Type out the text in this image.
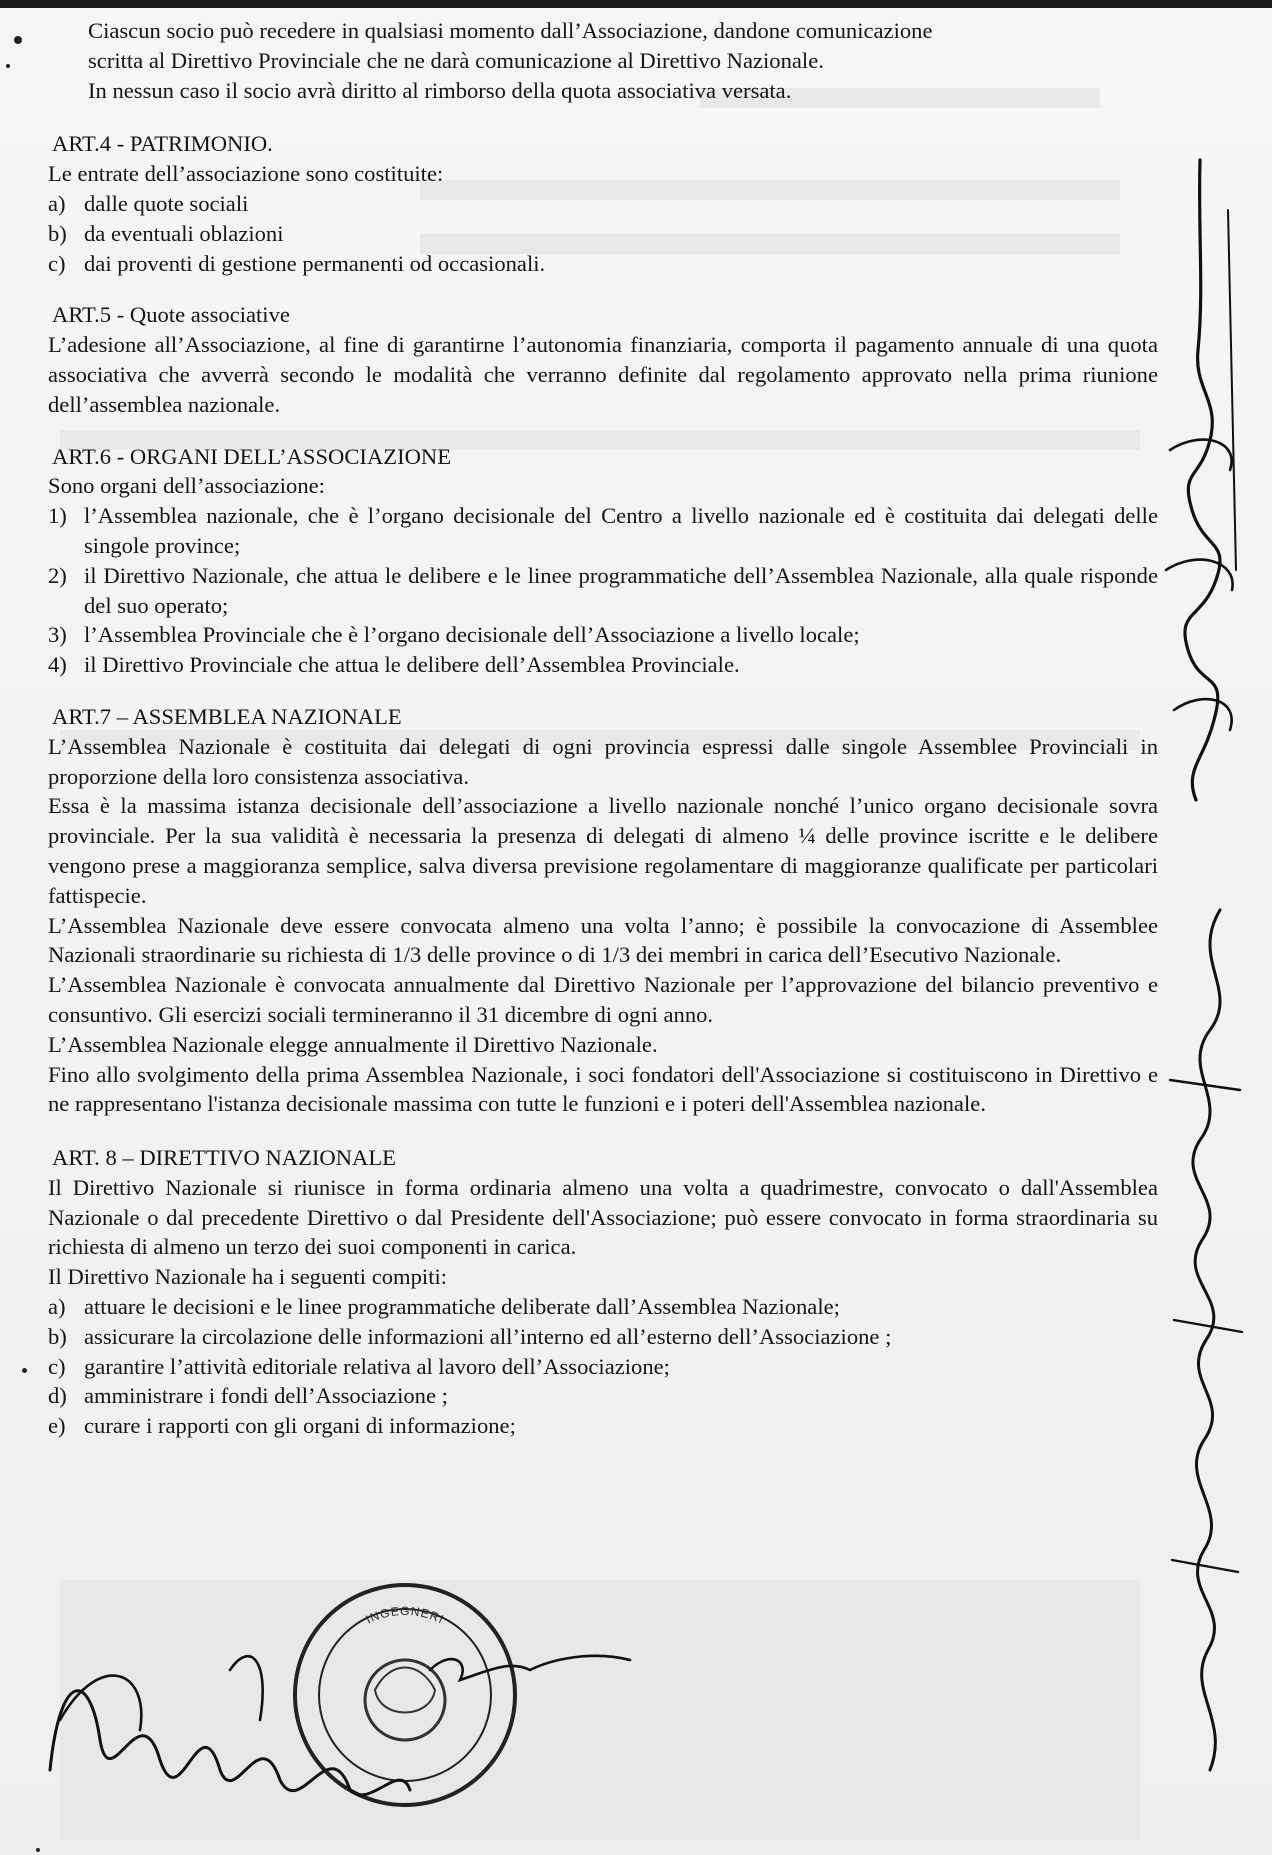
Ciascun socio può recedere in qualsiasi momento dall’Associazione, dandone comunicazione

scritta al Direttivo Provinciale che ne darà comunicazione al Direttivo Nazionale.

In nessun caso il socio avrà diritto al rimborso della quota associativa versata.

ART.4 - PATRIMONIO.

Le entrate dell’associazione sono costituite:

a) dalle quote sociali
b) da eventuali oblazioni
c) dai proventi di gestione permanenti od occasionali.

ART.5 - Quote associative

L’adesione all’Associazione, al fine di garantirne l’autonomia finanziaria, comporta il pagamento annuale di una quota associativa che avverrà secondo le modalità che verranno definite dal regolamento approvato nella prima riunione dell’assemblea nazionale.

ART.6 - ORGANI DELL’ASSOCIAZIONE

Sono organi dell’associazione:

1) l’Assemblea nazionale, che è l’organo decisionale del Centro a livello nazionale ed è costituita dai delegati delle singole province;
2) il Direttivo Nazionale, che attua le delibere e le linee programmatiche dell’Assemblea Nazionale, alla quale risponde del suo operato;
3) l’Assemblea Provinciale che è l’organo decisionale dell’Associazione a livello locale;
4) il Direttivo Provinciale che attua le delibere dell’Assemblea Provinciale.

ART.7 – ASSEMBLEA NAZIONALE

L’Assemblea Nazionale è costituita dai delegati di ogni provincia espressi dalle singole Assemblee Provinciali in proporzione della loro consistenza associativa.

Essa è la massima istanza decisionale dell’associazione a livello nazionale nonché l’unico organo decisionale sovra provinciale. Per la sua validità è necessaria la presenza di delegati di almeno ¼ delle province iscritte e le delibere vengono prese a maggioranza semplice, salva diversa previsione regolamentare di maggioranze qualificate per particolari fattispecie.

L’Assemblea Nazionale deve essere convocata almeno una volta l’anno; è possibile la convocazione di Assemblee Nazionali straordinarie su richiesta di 1/3 delle province o di 1/3 dei membri in carica dell’Esecutivo Nazionale.

L’Assemblea Nazionale è convocata annualmente dal Direttivo Nazionale per l’approvazione del bilancio preventivo e consuntivo. Gli esercizi sociali termineranno il 31 dicembre di ogni anno.

L’Assemblea Nazionale elegge annualmente il Direttivo Nazionale.

Fino allo svolgimento della prima Assemblea Nazionale, i soci fondatori dell'Associazione si costituiscono in Direttivo e ne rappresentano l'istanza decisionale massima con tutte le funzioni e i poteri dell'Assemblea nazionale.

ART. 8 – DIRETTIVO NAZIONALE

Il Direttivo Nazionale si riunisce in forma ordinaria almeno una volta a quadrimestre, convocato o dall'Assemblea Nazionale o dal precedente Direttivo o dal Presidente dell'Associazione; può essere convocato in forma straordinaria su richiesta di almeno un terzo dei suoi componenti in carica.

Il Direttivo Nazionale ha i seguenti compiti:

a) attuare le decisioni e le linee programmatiche deliberate dall’Assemblea Nazionale;
b) assicurare la circolazione delle informazioni all’interno ed all’esterno dell’Associazione ;
c) garantire l’attività editoriale relativa al lavoro dell’Associazione;
d) amministrare i fondi dell’Associazione ;
e) curare i rapporti con gli organi di informazione;
INGEGNERI
